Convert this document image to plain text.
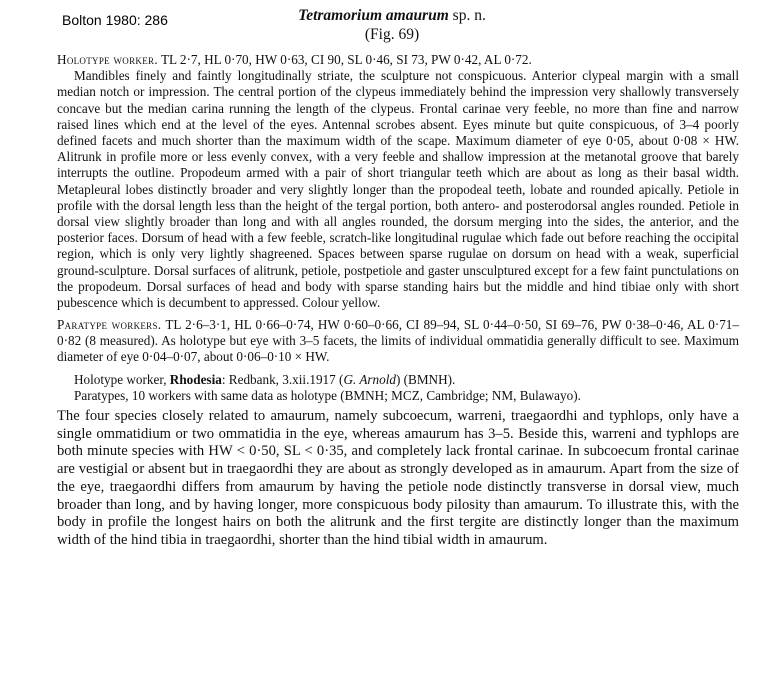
Bolton 1980: 286	Tetramorium amaurum sp. n.
(Fig. 69)

Holotype worker. TL 2·7, HL 0·70, HW 0·63, CI 90, SL 0·46, SI 73, PW 0·42, AL 0·72.

Mandibles finely and faintly longitudinally striate, the sculpture not conspicuous. Anterior clypeal margin with a small median notch or impression. The central portion of the clypeus immediately behind the impression very shallowly transversely concave but the median carina running the length of the clypeus. Frontal carinae very feeble, no more than fine and narrow raised lines which end at the level of the eyes. Antennal scrobes absent. Eyes minute but quite conspicuous, of 3–4 poorly defined facets and much shorter than the maximum width of the scape. Maximum diameter of eye 0·05, about 0·08 × HW. Alitrunk in profile more or less evenly convex, with a very feeble and shallow impression at the metanotal groove that barely interrupts the outline. Propodeum armed with a pair of short triangular teeth which are about as long as their basal width. Metapleural lobes distinctly broader and very slightly longer than the propodeal teeth, lobate and rounded apically. Petiole in profile with the dorsal length less than the height of the tergal portion, both antero- and posterodorsal angles rounded. Petiole in dorsal view slightly broader than long and with all angles rounded, the dorsum merging into the sides, the anterior, and the posterior faces. Dorsum of head with a few feeble, scratch-like longitudinal rugulae which fade out before reaching the occipital region, which is only very lightly shagreened. Spaces between sparse rugulae on dorsum on head with a weak, superficial ground-sculpture. Dorsal surfaces of alitrunk, petiole, postpetiole and gaster unsculptured except for a few faint punctulations on the propodeum. Dorsal surfaces of head and body with sparse standing hairs but the middle and hind tibiae only with short pubescence which is decumbent to appressed. Colour yellow.

Paratype workers. TL 2·6–3·1, HL 0·66–0·74, HW 0·60–0·66, CI 89–94, SL 0·44–0·50, SI 69–76, PW 0·38–0·46, AL 0·71–0·82 (8 measured). As holotype but eye with 3–5 facets, the limits of individual ommatidia generally difficult to see. Maximum diameter of eye 0·04–0·07, about 0·06–0·10 × HW.

Holotype worker, Rhodesia: Redbank, 3.xii.1917 (G. Arnold) (BMNH).

Paratypes, 10 workers with same data as holotype (BMNH; MCZ, Cambridge; NM, Bulawayo).

The four species closely related to amaurum, namely subcoecum, warreni, traegaordhi and typhlops, only have a single ommatidium or two ommatidia in the eye, whereas amaurum has 3–5. Beside this, warreni and typhlops are both minute species with HW < 0·50, SL < 0·35, and completely lack frontal carinae. In subcoecum frontal carinae are vestigial or absent but in traegaordhi they are about as strongly developed as in amaurum. Apart from the size of the eye, traegaordhi differs from amaurum by having the petiole node distinctly transverse in dorsal view, much broader than long, and by having longer, more conspicuous body pilosity than amaurum. To illustrate this, with the body in profile the longest hairs on both the alitrunk and the first tergite are distinctly longer than the maximum width of the hind tibia in traegaordhi, shorter than the hind tibial width in amaurum.
